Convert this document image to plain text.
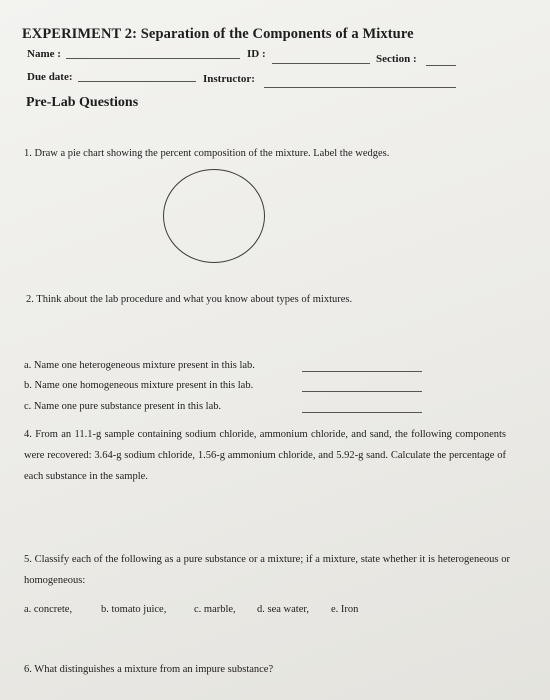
EXPERIMENT 2: Separation of the Components of a Mixture
Name :	ID :	Section :
Due date:	Instructor:
Pre-Lab Questions
1. Draw a pie chart showing the percent composition of the mixture. Label the wedges.
2. Think about the lab procedure and what you know about types of mixtures.
a. Name one heterogeneous mixture present in this lab.
b. Name one homogeneous mixture present in this lab.
c. Name one pure substance present in this lab.
4. From an 11.1-g sample containing sodium chloride, ammonium chloride, and sand, the following components were recovered: 3.64-g sodium chloride, 1.56-g ammonium chloride, and 5.92-g sand. Calculate the percentage of each substance in the sample.
5. Classify each of the following as a pure substance or a mixture; if a mixture, state whether it is heterogeneous or homogeneous:
a. concrete,	b. tomato juice,	c. marble, d. sea water, e. Iron
6. What distinguishes a mixture from an impure substance?
